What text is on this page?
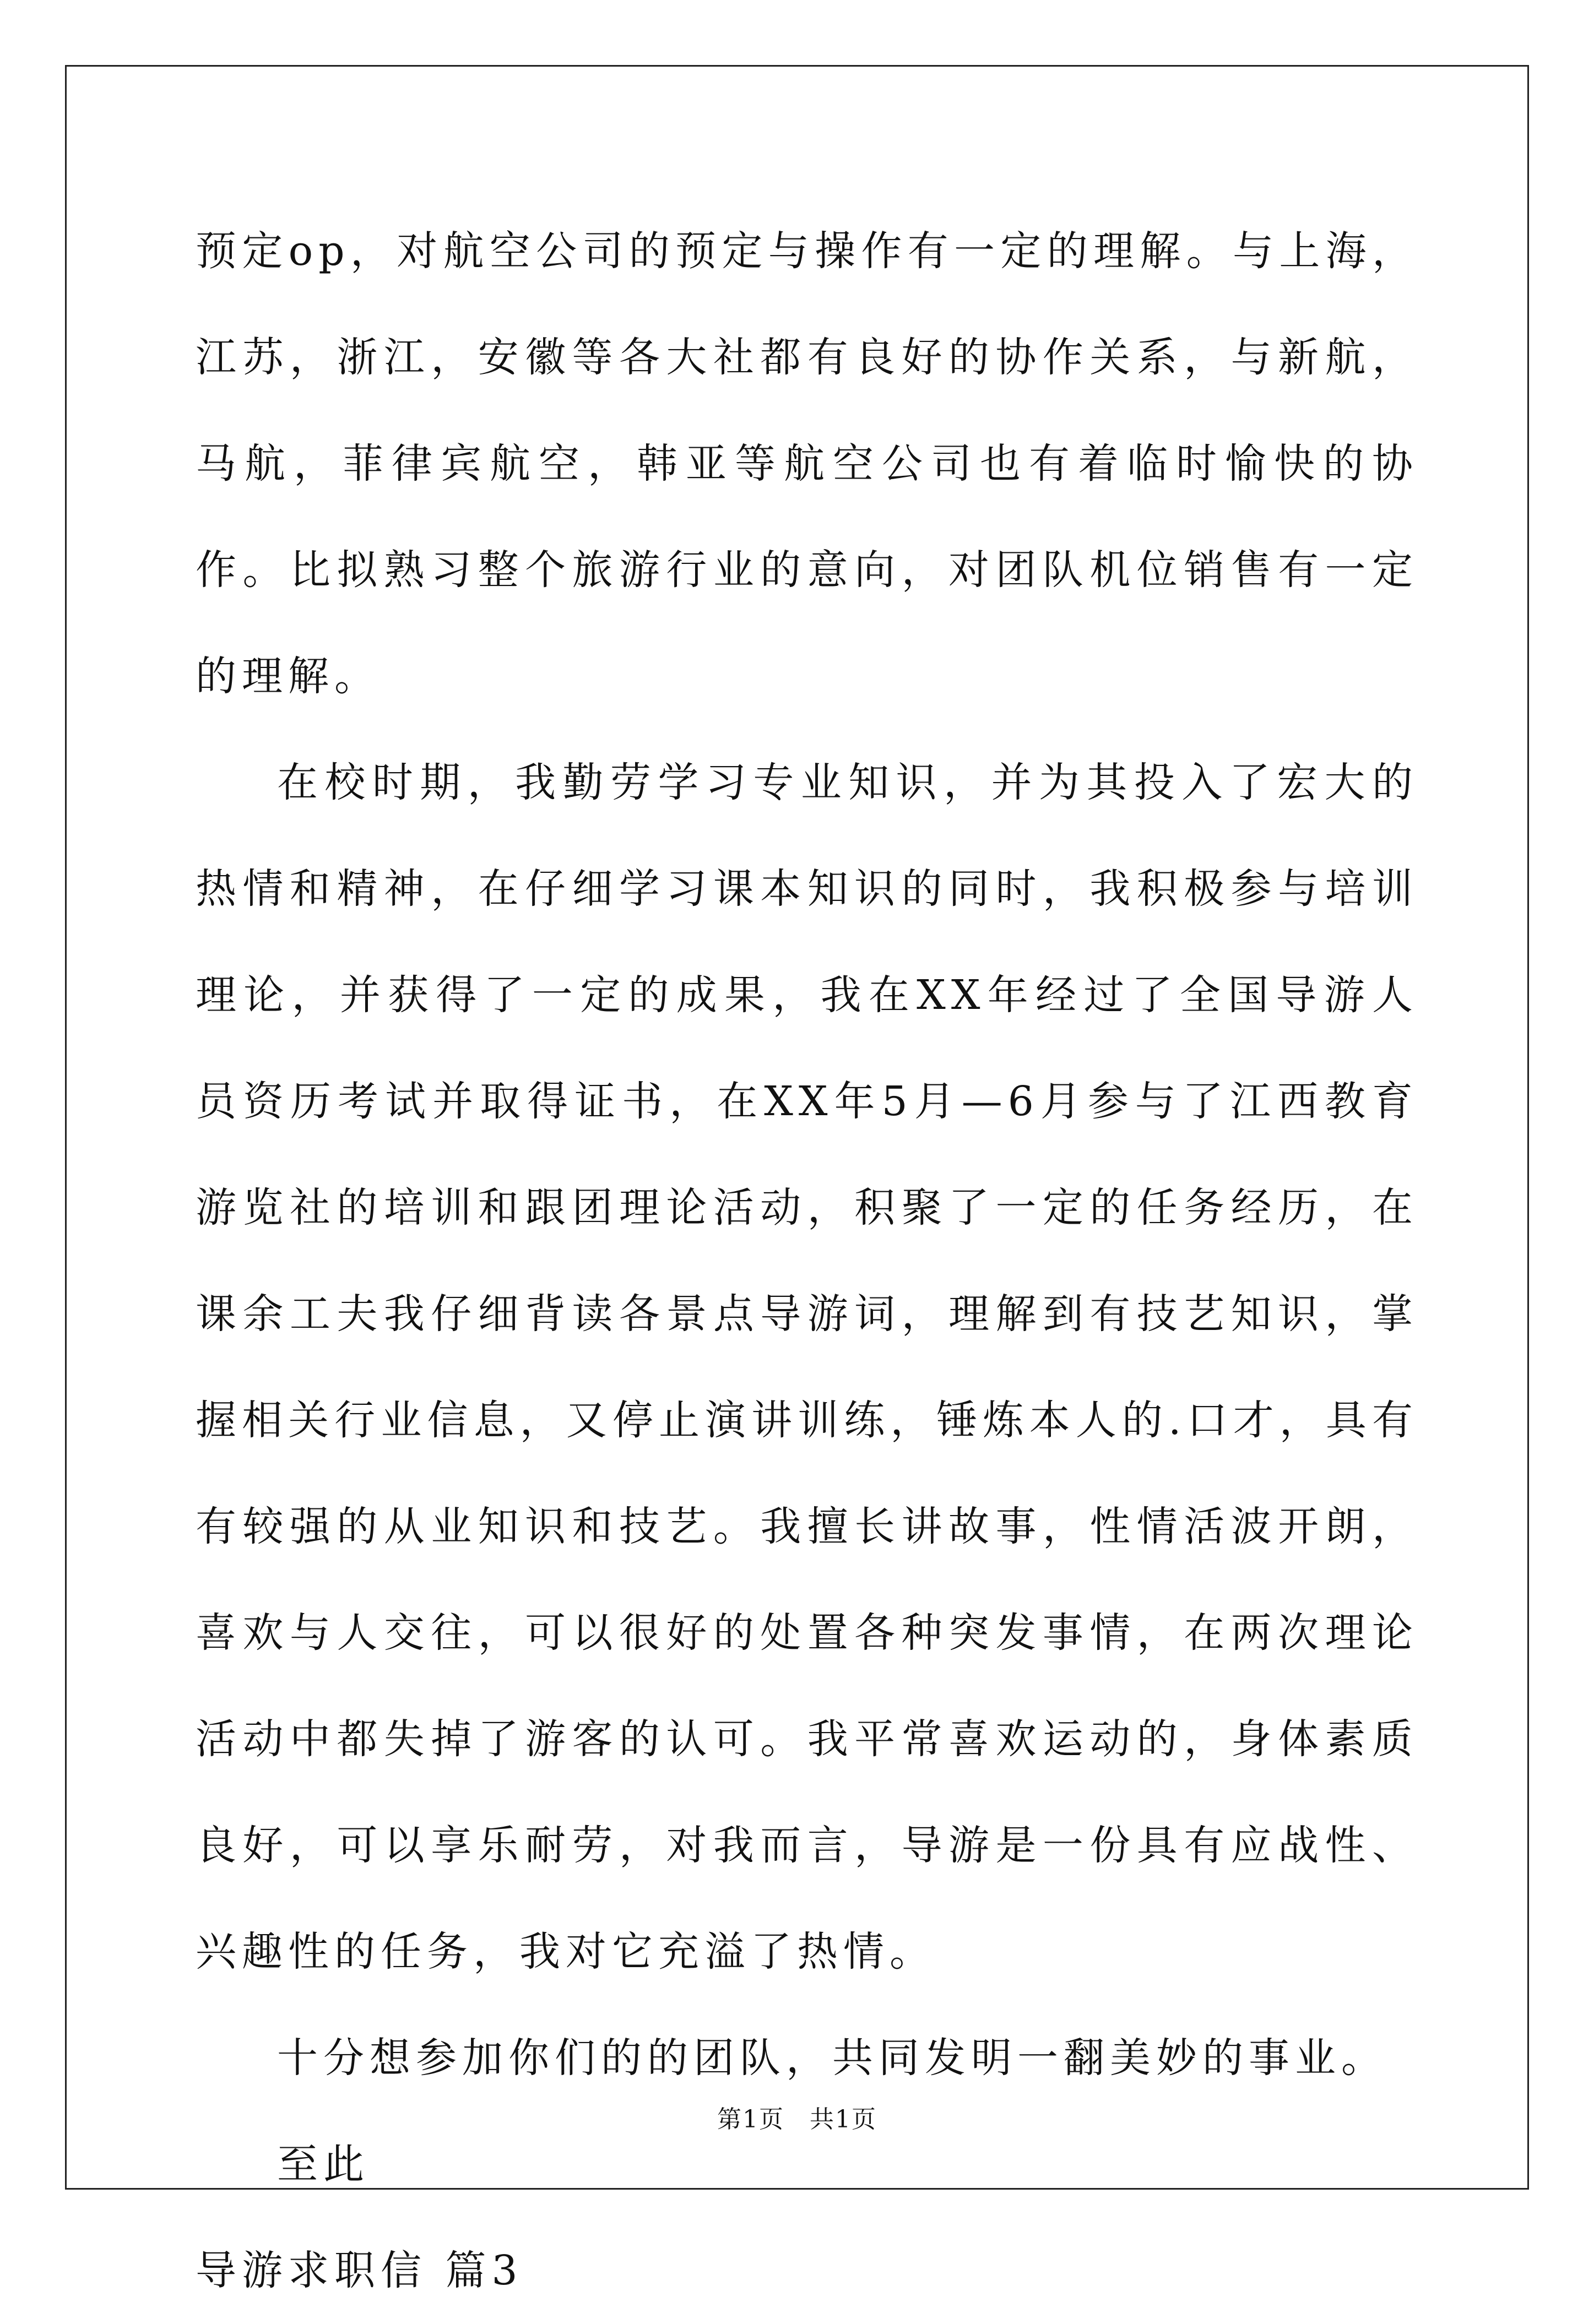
预定op，对航空公司的预定与操作有一定的理解。与上海，江苏，浙江，安徽等各大社都有良好的协作关系，与新航，马航，菲律宾航空，韩亚等航空公司也有着临时愉快的协作。比拟熟习整个旅游行业的意向，对团队机位销售有一定的理解。

在校时期，我勤劳学习专业知识，并为其投入了宏大的热情和精神，在仔细学习课本知识的同时，我积极参与培训理论，并获得了一定的成果，我在XX年经过了全国导游人员资历考试并取得证书，在XX年5月—6月参与了江西教育游览社的培训和跟团理论活动，积聚了一定的任务经历，在课余工夫我仔细背读各景点导游词，理解到有技艺知识，掌握相关行业信息，又停止演讲训练，锤炼本人的.口才，具有有较强的从业知识和技艺。我擅长讲故事，性情活波开朗，喜欢与人交往，可以很好的处置各种突发事情，在两次理论活动中都失掉了游客的认可。我平常喜欢运动的，身体素质良好，可以享乐耐劳，对我而言，导游是一份具有应战性、兴趣性的任务，我对它充溢了热情。

十分想参加你们的的团队，共同发明一翻美妙的事业。

至此

导游求职信 篇3

第1页　共1页
